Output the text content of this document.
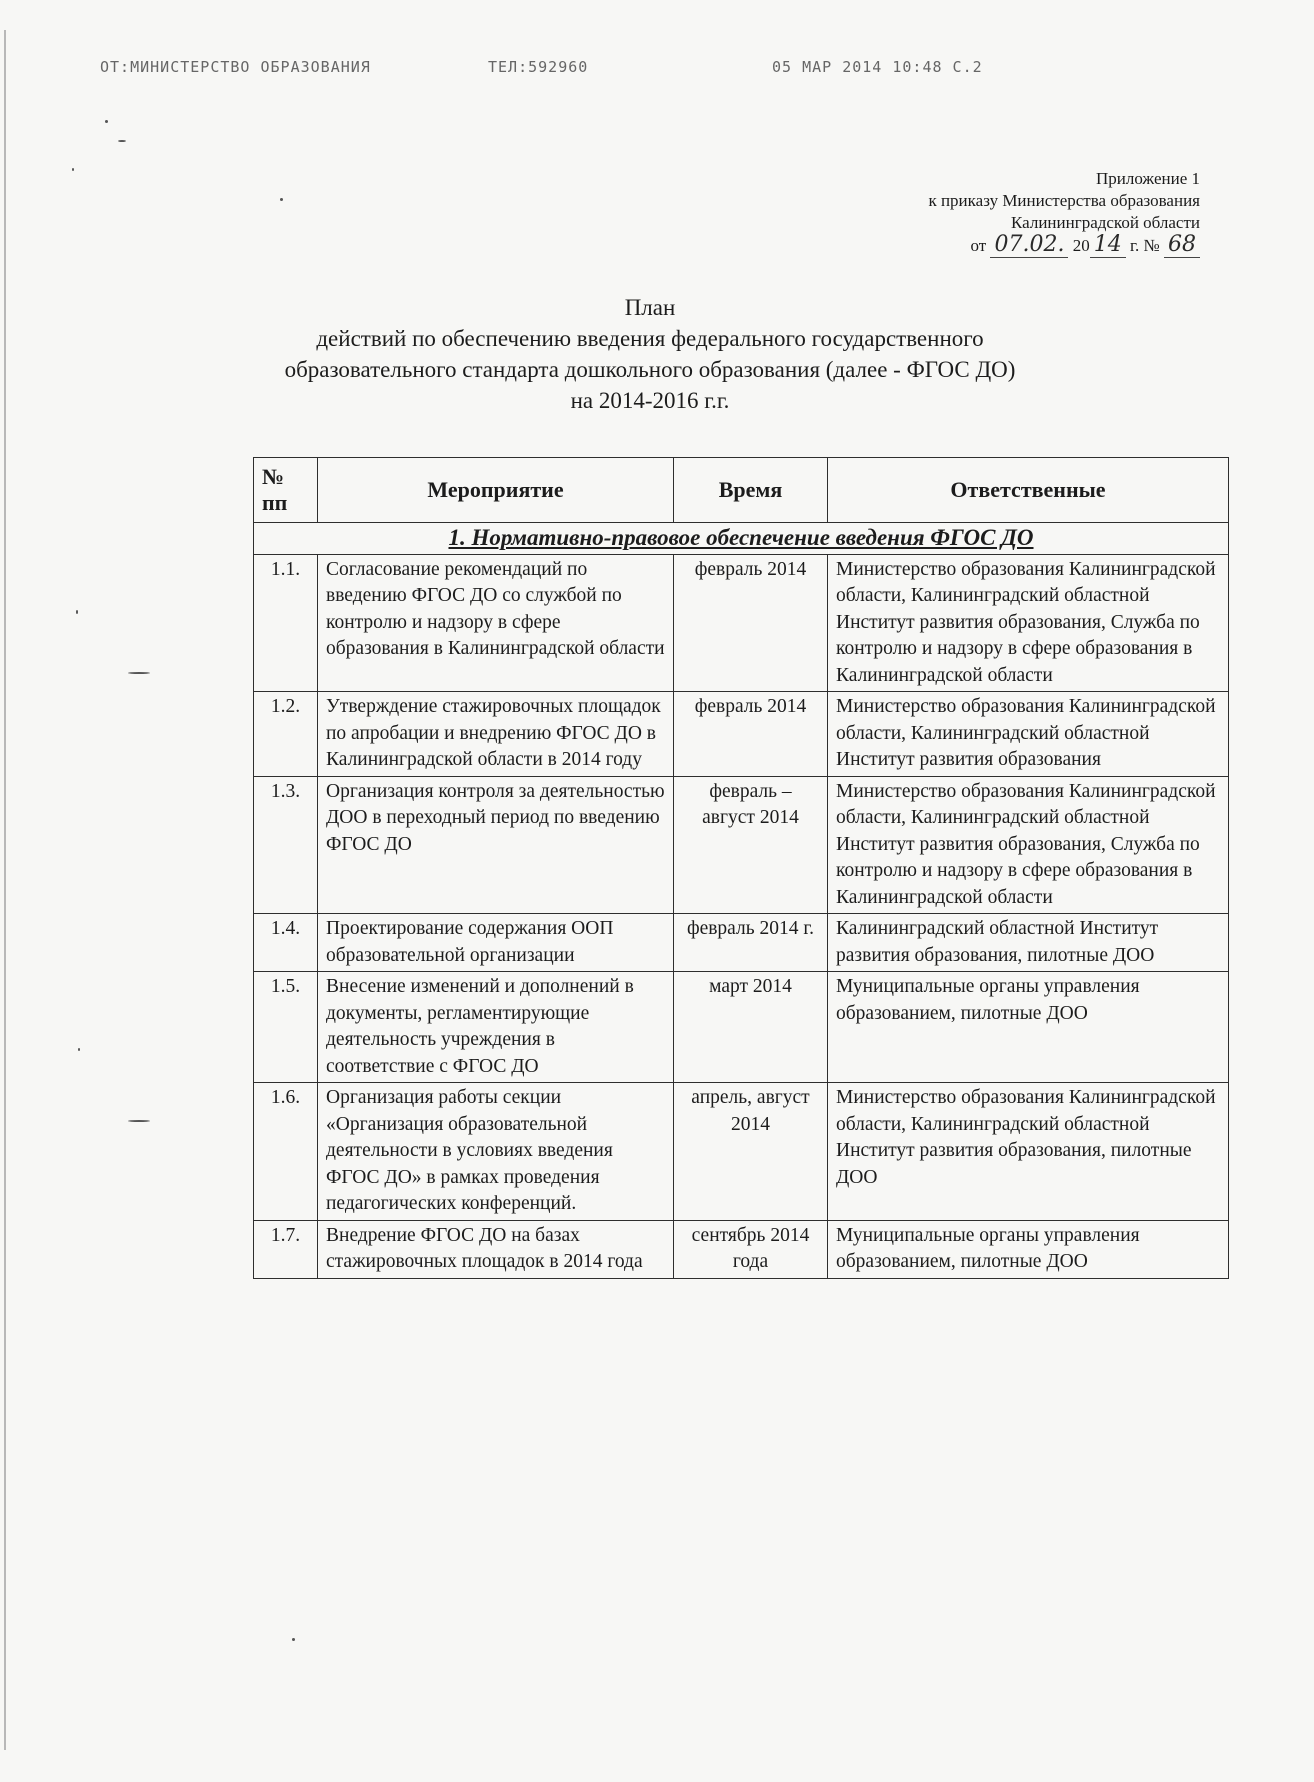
ОТ:МИНИСТЕРСТВО ОБРАЗОВАНИЯ	ТЕЛ:592960	05 МАР 2014 10:48 С.2
Приложение 1
к приказу Министерства образования
Калининградской области
от 07.02. 20 14 г. № 68
План
действий по обеспечению введения федерального государственного
образовательного стандарта дошкольного образования (далее - ФГОС ДО)
на 2014-2016 г.г.
№ пп	Мероприятие	Время	Ответственные
1. Нормативно-правовое обеспечение введения ФГОС ДО			
1.1.	Согласование рекомендаций по введению ФГОС ДО со службой по контролю и надзору в сфере образования в Калининградской области	февраль 2014	Министерство образования Калининградской области, Калининградский областной Институт развития образования, Служба по контролю и надзору в сфере образования в Калининградской области
1.2.	Утверждение стажировочных площадок по апробации и внедрению ФГОС ДО в Калининградской области в 2014 году	февраль 2014	Министерство образования Калининградской области, Калининградский областной Институт развития образования
1.3.	Организация контроля за деятельностью ДОО в переходный период по введению ФГОС ДО	февраль – август 2014	Министерство образования Калининградской области, Калининградский областной Институт развития образования, Служба по контролю и надзору в сфере образования в Калининградской области
1.4.	Проектирование содержания ООП образовательной организации	февраль 2014 г.	Калининградский областной Институт развития образования, пилотные ДОО
1.5.	Внесение изменений и дополнений в документы, регламентирующие деятельность учреждения в соответствие с ФГОС ДО	март 2014	Муниципальные органы управления образованием, пилотные ДОО
1.6.	Организация работы секции «Организация образовательной деятельности в условиях введения ФГОС ДО» в рамках проведения педагогических конференций.	апрель, август 2014	Министерство образования Калининградской области, Калининградский областной Институт развития образования, пилотные ДОО
1.7.	Внедрение ФГОС ДО на базах стажировочных площадок в 2014 года	сентябрь 2014 года	Муниципальные органы управления образованием, пилотные ДОО
